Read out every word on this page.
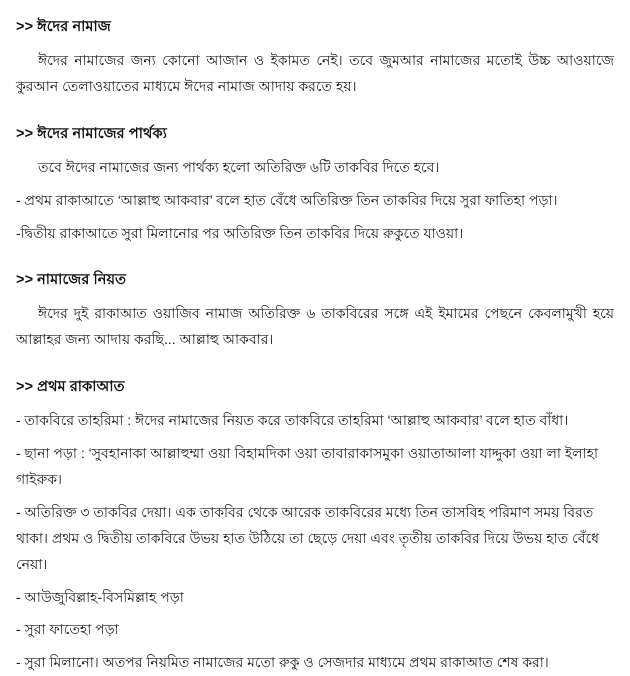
>> ঈদের নামাজ
ঈদের নামাজের জন্য কোনো আজান ও ইকামত নেই। তবে জুমআর নামাজের মতোই উচ্চ আওয়াজে কুরআন তেলাওয়াতের মাধ্যমে ঈদের নামাজ আদায় করতে হয়।
>> ঈদের নামাজের পার্থক্য
তবে ঈদের নামাজের জন্য পার্থক্য হলো অতিরিক্ত ৬টি তাকবির দিতে হবে।
- প্রথম রাকাআতে ‘আল্লাহু আকবার’ বলে হাত বেঁধে অতিরিক্ত তিন তাকবির দিয়ে সুরা ফাতিহা পড়া।
-দ্বিতীয় রাকাআতে সুরা মিলানোর পর অতিরিক্ত তিন তাকবির দিয়ে রুকুতে যাওয়া।
>> নামাজের নিয়ত
ঈদের দুই রাকাআত ওয়াজিব নামাজ অতিরিক্ত ৬ তাকবিরের সঙ্গে এই ইমামের পেছনে কেবলামুখী হয়ে আল্লাহর জন্য আদায় করছি... আল্লাহু আকবার।
>> প্রথম রাকাআত
- তাকবিরে তাহরিমা : ঈদের নামাজের নিয়ত করে তাকবিরে তাহরিমা ‘আল্লাহু আকবার’ বলে হাত বাঁধা।
- ছানা পড়া : ‘সুবহানাকা আল্লাহুম্মা ওয়া বিহামদিকা ওয়া তাবারাকাসমুকা ওয়াতাআলা যাদ্দুকা ওয়া লা ইলাহা গাইরুক।
- অতিরিক্ত ৩ তাকবির দেয়া। এক তাকবির থেকে আরেক তাকবিরের মধ্যে তিন তাসবিহ পরিমাণ সময় বিরত থাকা। প্রথম ও দ্বিতীয় তাকবিরে উভয় হাত উঠিয়ে তা ছেড়ে দেয়া এবং তৃতীয় তাকবির দিয়ে উভয় হাত বেঁধে নেয়া।
- আউজুবিল্লাহ-বিসমিল্লাহ পড়া
- সুরা ফাতেহা পড়া
- সুরা মিলানো। অতপর নিয়মিত নামাজের মতো রুকু ও সেজদার মাধ্যমে প্রথম রাকাআত শেষ করা।
